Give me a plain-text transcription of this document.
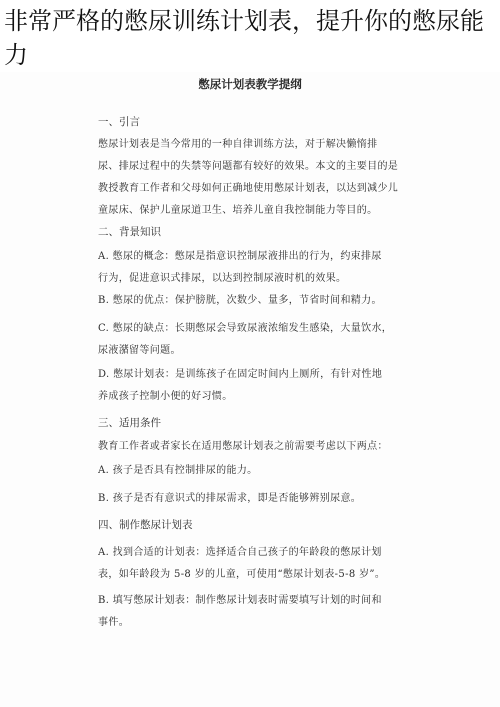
非常严格的憋尿训练计划表，提升你的憋尿能力
憋尿计划表教学提纲
一、引言
憋尿计划表是当今常用的一种自律训练方法，对于解决懒惰排
尿、排尿过程中的失禁等问题都有较好的效果。本文的主要目的是
教授教育工作者和父母如何正确地使用憋尿计划表，以达到减少儿
童尿床、保护儿童尿道卫生、培养儿童自我控制能力等目的。
二、背景知识
A. 憋尿的概念：憋尿是指意识控制尿液排出的行为，约束排尿
行为，促进意识式排尿，以达到控制尿液时机的效果。
B. 憋尿的优点：保护膀胱，次数少、量多，节省时间和精力。
C. 憋尿的缺点：长期憋尿会导致尿液浓缩发生感染，大量饮水，
尿液潴留等问题。
D. 憋尿计划表：是训练孩子在固定时间内上厕所，有针对性地
养成孩子控制小便的好习惯。
三、适用条件
教育工作者或者家长在适用憋尿计划表之前需要考虑以下两点：
A. 孩子是否具有控制排尿的能力。
B. 孩子是否有意识式的排尿需求，即是否能够辨别尿意。
四、制作憋尿计划表
A. 找到合适的计划表：选择适合自己孩子的年龄段的憋尿计划
表，如年龄段为 5-8 岁的儿童，可使用“憋尿计划表-5-8 岁”。
B. 填写憋尿计划表：制作憋尿计划表时需要填写计划的时间和
事件。
